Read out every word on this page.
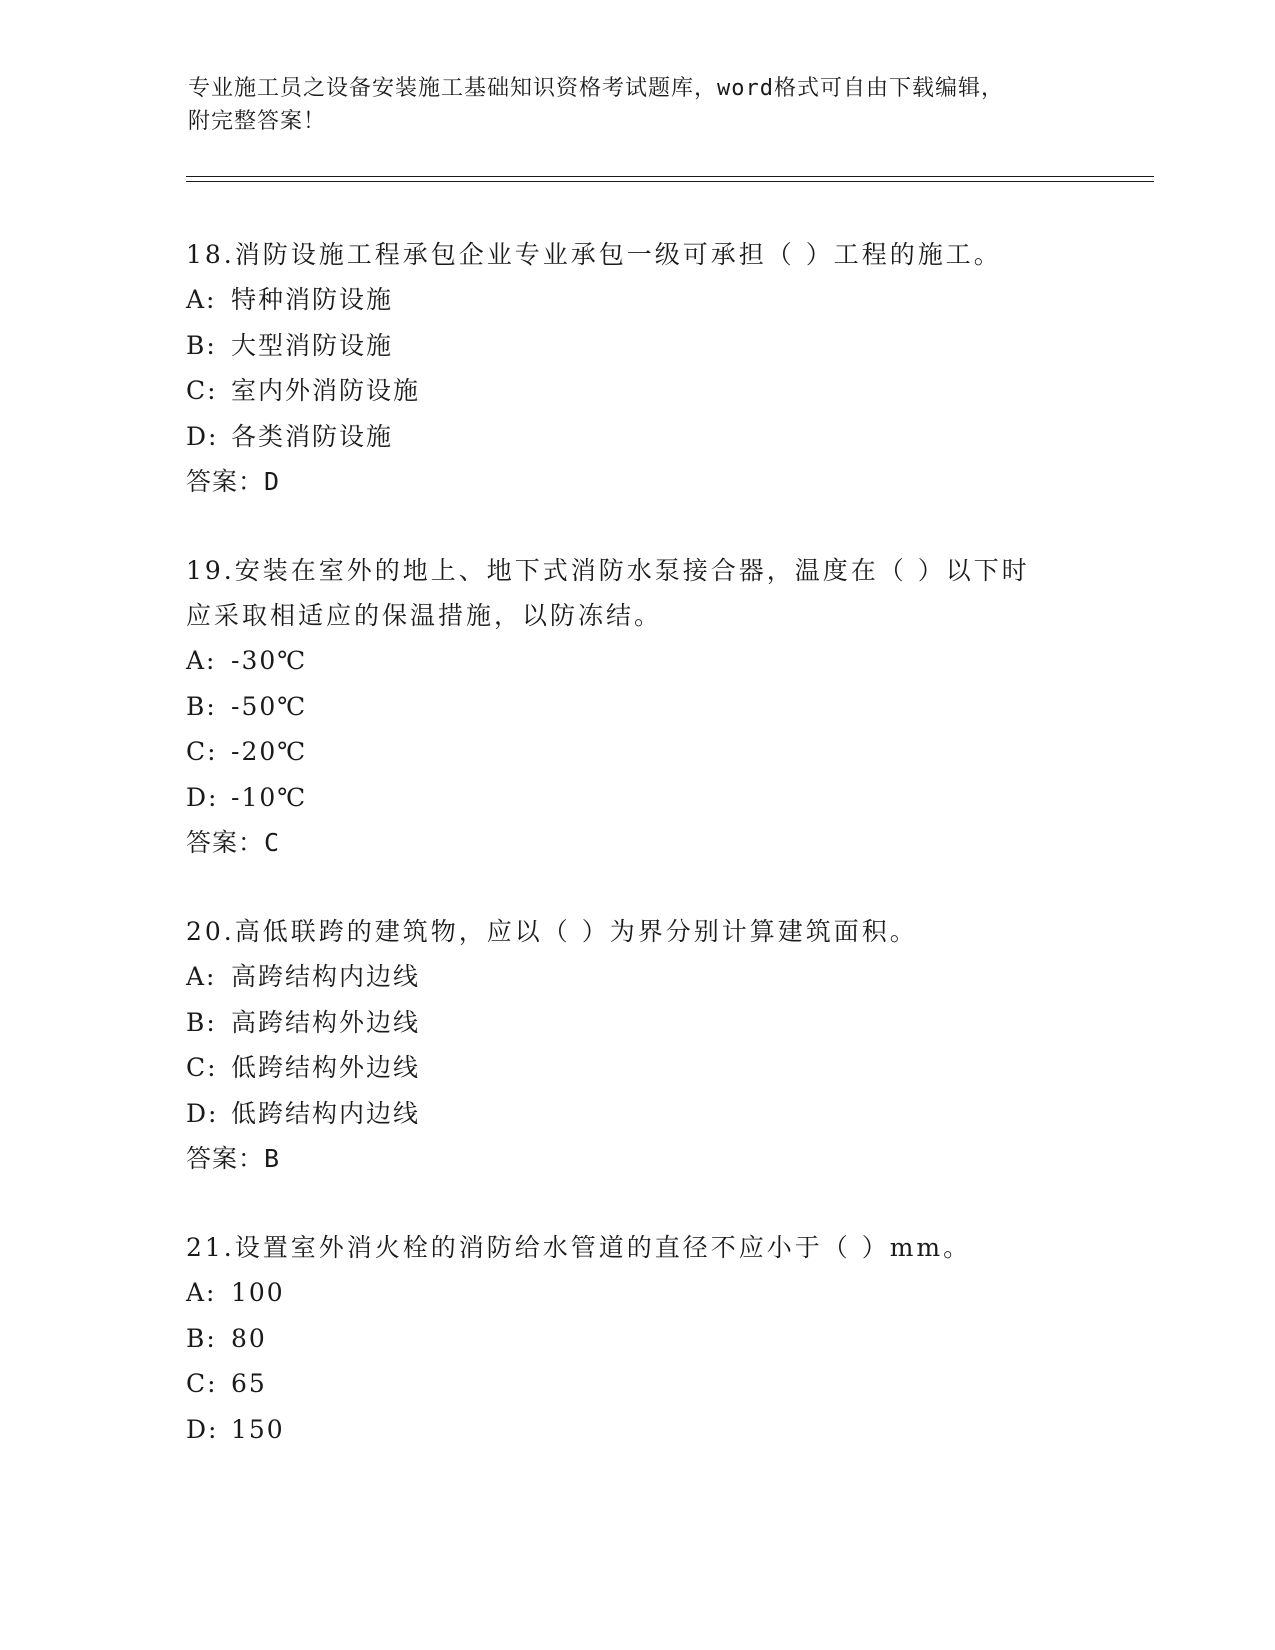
专业施工员之设备安装施工基础知识资格考试题库，word格式可自由下载编辑，
附完整答案！
18.消防设施工程承包企业专业承包一级可承担（ ）工程的施工。
A: 特种消防设施
B: 大型消防设施
C: 室内外消防设施
D: 各类消防设施
答案：D
19.安装在室外的地上、地下式消防水泵接合器，温度在（ ）以下时
应采取相适应的保温措施，以防冻结。
A: -30℃
B: -50℃
C: -20℃
D: -10℃
答案：C
20.高低联跨的建筑物，应以（ ）为界分别计算建筑面积。
A: 高跨结构内边线
B: 高跨结构外边线
C: 低跨结构外边线
D: 低跨结构内边线
答案：B
21.设置室外消火栓的消防给水管道的直径不应小于（ ）mm。
A: 100
B: 80
C: 65
D: 150
